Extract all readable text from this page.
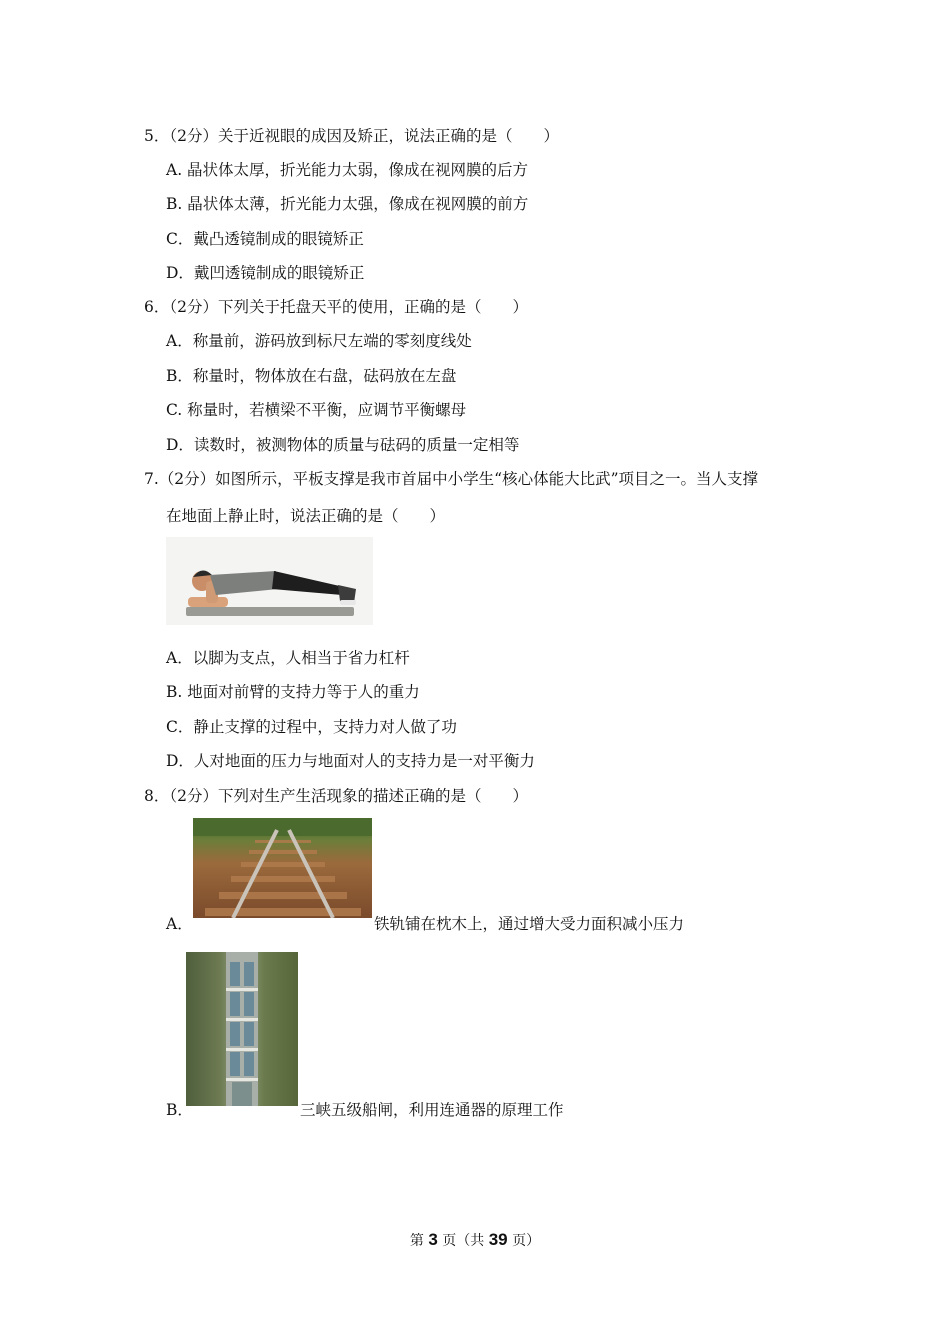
5．（2分）关于近视眼的成因及矫正，说法正确的是（　　）
A. 晶状体太厚，折光能力太弱，像成在视网膜的后方
B. 晶状体太薄，折光能力太强，像成在视网膜的前方
C．戴凸透镜制成的眼镜矫正
D．戴凹透镜制成的眼镜矫正
6．（2分）下列关于托盘天平的使用，正确的是（　　）
A．称量前，游码放到标尺左端的零刻度线处
B．称量时，物体放在右盘，砝码放在左盘
C. 称量时，若横梁不平衡，应调节平衡螺母
D．读数时，被测物体的质量与砝码的质量一定相等
7.（2分）如图所示，平板支撑是我市首届中小学生“核心体能大比武”项目之一。当人支撑
在地面上静止时，说法正确的是（　　）
A．以脚为支点，人相当于省力杠杆
B. 地面对前臂的支持力等于人的重力
C．静止支撑的过程中，支持力对人做了功
D．人对地面的压力与地面对人的支持力是一对平衡力
8．（2分）下列对生产生活现象的描述正确的是（　　）
A．	铁轨铺在枕木上，通过增大受力面积减小压力
B．	三峡五级船闸，利用连通器的原理工作
第 3 页（共 39 页）
